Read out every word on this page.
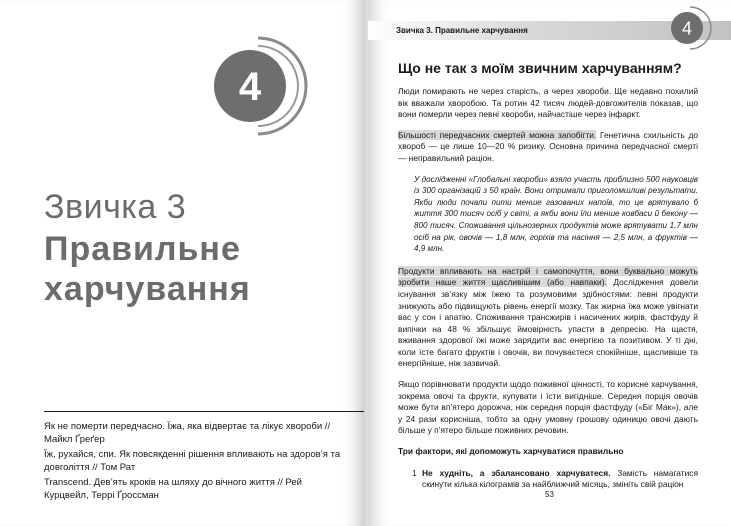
4
Звичка 3
Правильне
харчування

Як не померти передчасно. Їжа, яка відвертає та лікує хвороби // Майкл Ґреґер

Їж, рухайся, спи. Як повсякденні рішення впливають на здоров’я та довголіття // Том Рат

Transcend. Дев’ять кроків на шляху до вічного життя // Рей Курцвейл, Террі Ґроссман

Звичка 3. Правильне харчування	4
Що не так з моїм звичним харчуванням?

Люди помирають не через старість, а через хвороби. Ще недавно похилий вік вважали хворобою. Та ротин 42 тисяч людей-довгожителів показав, що вони померли через певні хвороби, найчастіше через інфаркт.

Більшості передчасних смертей можна запобігти. Генетична схильність до хвороб — це лише 10—20 % ризику. Основна причина передчасної смерті — неправильний раціон.

У дослідженні «Глобальні хвороби» взяло участь приблизно 500 науковців із 300 організацій з 50 країн. Вони отримали приголомшливі результати. Якби люди почали пити менше газованих напоїв, то це врятувало б життя 300 тисяч осіб у світі, а якби вони їли менше ковбаси й бекону — 800 тисяч. Споживання цільнозерних продуктів може врятувати 1,7 млн осіб на рік, овочів — 1,8 млн, горіхів та насіння — 2,5 млн, а фруктів — 4,9 млн.

Продукти впливають на настрій і самопочуття, вони буквально можуть зробити наше життя щасливішим (або навпаки). Дослідження довели існування зв’язку між їжею та розумовими здібностями: певні продукти знижують або підвищують рівень енергії мозку. Так жирна їжа може увігнати вас у сон і апатію. Споживання трансжирів і насичених жирів, фастфуду й випічки на 48 % збільшує ймовірність упасти в депресію. На щастя, вживання здорової їжі може зарядити вас енергією та позитивом. У ті дні, коли їсте багато фруктів і овочів, ви почуваєтеся спокійніше, щасливіше та енергійніше, ніж зазвичай.

Якщо порівнювати продукти щодо поживної цінності, то корисне харчування, зокрема овочі та фрукти, купувати і їсти вигідніше. Середня порція овочів може бути вп’ятеро дорожча, ніж середня порція фастфуду («Біг Мак»), але у 24 рази корисніша, тобто за одну умовну грошову одиницю овочі дають більше у п’ятеро більше поживних речовин.

Три фактори, які допоможуть харчуватися правильно
1 Не худніть, а збалансовано харчуватеся. Замість намагатися скинути кілька кілограмів за найближчий місяць, змініть свій раціон
53
